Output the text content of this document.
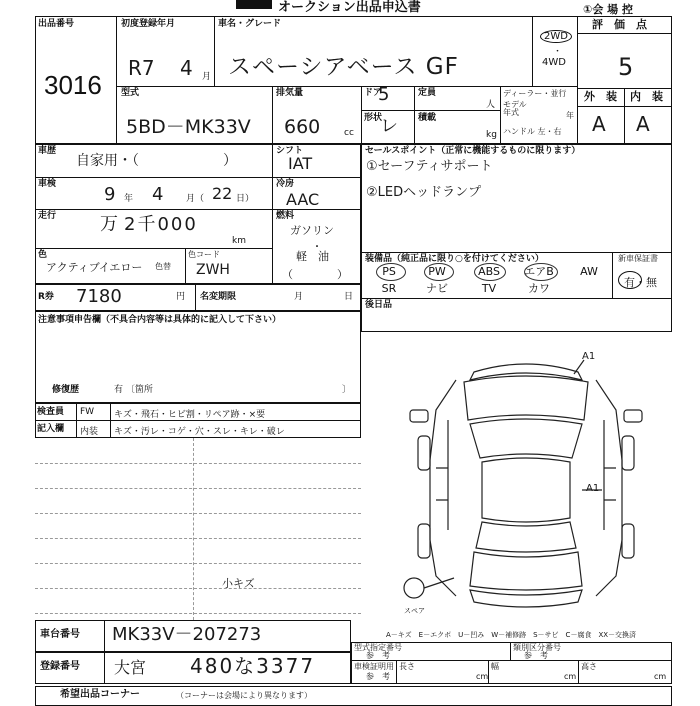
オークション出品申込書	①会 場 控
出品番号
3016
初度登録年月
R7 4 月
車名・グレード
スペーシアベース GF
2WD
・
4WD
評　価　点
5
外　装 内　装
A A
型式
5BD－MK33V
排気量
660	cc
ドア
5	定員
人
ディーラー・並行
モデル
年式	年
ハンドル 左・右
形状
レ 積載
kg
車歴
自家用・（　　　　　　）
シフト
IAT
車検	9 年 4	月（ 22 日）
冷房
AAC
走行 万 2千000
km
燃料
ガソリン
・
軽　油
（　　　　）
色
アクティブイエロー 色替
色コード
ZWH
セールスポイント（正常に機能するものに限ります）
①セーフティサポート
②LEDヘッドランプ
装備品（純正品に限り○を付けてください）	新車保証書
有・無
PS	PW	ABS	エアB	AW
SR	ナビ	TV	カワ
後日品
R券 7180	円 名変期限	月	日
注意事項申告欄（不具合内容等は具体的に記入して下さい）
修復歴	有 〔箇所	〕
検査員
記入欄
FW
内装
キズ・飛石・ヒビ割・リペア跡・×要
キズ・汚レ・コゲ・穴・スレ・キレ・破レ
小キズ
A1
A1
スペア
A－キズ　E－エクボ　U－凹み　W－補修跡　S－サビ　C－腐食　XX－交換済
車台番号 MK33V－207273
登録番号 大宮 480な3377
型式指定番号
参　考
類別区分番号
参　考
車検証明用
参　考
長さ
cm
幅
cm
高さ
cm
希望出品コーナー	（コーナーは会場により異なります）
